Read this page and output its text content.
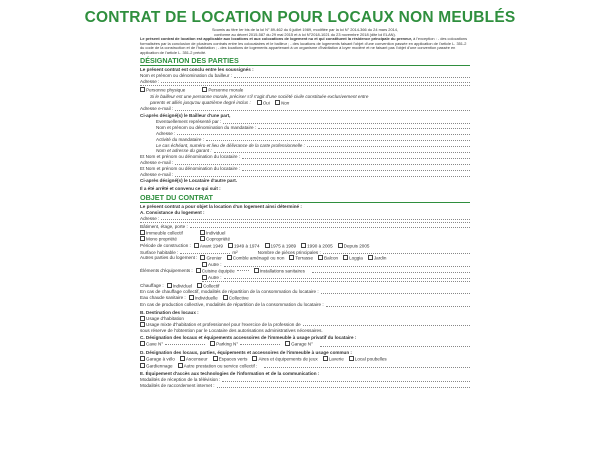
CONTRAT DE LOCATION POUR LOCAUX NON MEUBLÉS
Soumis au titre Ier bis de la loi N° 89-462 du 6 juillet 1989, modifiée par la loi N° 2014-366 du 24 mars 2014,
conforme au décret 2015-587 du 29 mai 2015 et à loi N°2018-1021 du 23 novembre 2018 (dite loi ELAN).
Le présent contrat de location est applicable aux locations et aux colocations de logement nu et qui constituent la résidence principale du preneur, à l'exception : - des colocations formalisées par la conclusion de plusieurs contrats entre les colocataires et le bailleur ; - des locations de logements faisant l'objet d'une convention passée en application de l'article L. 351-2 du code de la construction et de l'habitation ; - des locations de logements appartenant à un organisme d'habitation à loyer modéré et ne faisant pas l'objet d'une convention passée en application de l'article L. 351-2 précité.
DÉSIGNATION DES PARTIES
Le présent contrat est conclu entre les soussignés :
Nom et prénom ou dénomination du bailleur :
Adresse :
Personne physique	Personne morale
Si le bailleur est une personne morale, préciser s'il s'agit d'une société civile constituée exclusivement entre
parents et alliés jusqu'au quatrième degré inclus :	Oui	Non
Adresse e-mail :
Ci-après désigné(s) le Bailleur d'une part,
Eventuellement représenté par :
Nom et prénom ou dénomination du mandataire :
Adresse :
Activité du mandataire :
Le cas échéant, numéro et lieu de délivrance de la carte professionnelle :
Nom et adresse du garant :
Et Nom et prénom ou dénomination du locataire :
Adresse e-mail :
Et Nom et prénom ou dénomination du locataire :
Adresse e-mail :
Ci-après désigné(s) le Locataire d'autre part.
Il a été arrêté et convenu ce qui suit :
OBJET DU CONTRAT
Le présent contrat a pour objet la location d'un logement ainsi déterminé :
A. Consistance du logement :
Adresse :
Bâtiment, étage, porte :
Immeuble collectif	Individuel
Mono propriété	Copropriété
Période de construction :	Avant 1949	1949 à 1974	1975 à 1989	1990 à 2005	Depuis 2005
Surface habitable :	m²	Nombre de pièces principales :
Autres parties du logement :	Grenier	Comble aménagé ou non	Terrasse	Balcon	Loggia	Jardin
Autre :
Éléments d'équipements :	Cuisine équipée	Installations sanitaires
Autre :
Chauffage :	Individuel	Collectif
En cas de chauffage collectif, modalités de répartition de la consommation du locataire :
Eau chaude sanitaire :	Individuelle	Collective
En cas de production collective, modalités de répartition de la consommation du locataire :
B. Destination des locaux :
Usage d'habitation
Usage mixte d'habitation et professionnel pour l'exercice de la profession de
sous réserve de l'obtention par le Locataire des autorisations administratives nécessaires.
C. Désignation des locaux et équipements accessoires de l'immeuble à usage privatif du locataire :
Cave N°	Parking N°	Garage N°
D. Désignation des locaux, parties, équipements et accessoires de l'immeuble à usage commun :
Garage à vélo	Ascenseur	Espaces verts	Aires et équipements de jeux	Laverie	Local poubelles
Gardiennage	Autre prestation ou service collectif :
E. Équipement d'accès aux technologies de l'information et de la communication :
Modalités de réception de la télévision :
Modalités de raccordement internet :
